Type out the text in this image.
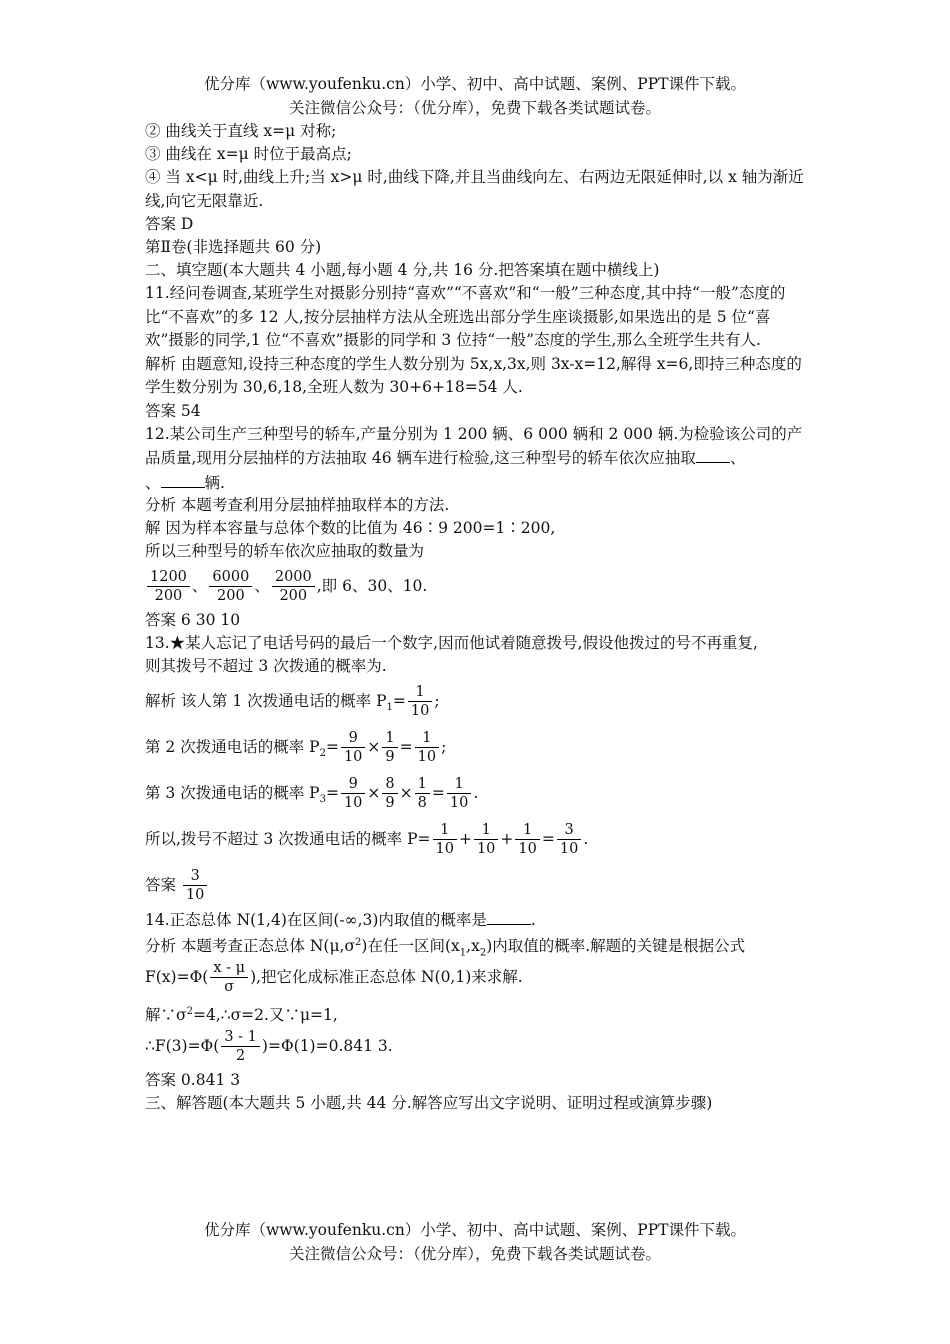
优分库（www.youfenku.cn）小学、初中、高中试题、案例、PPT课件下载。
关注微信公众号：（优分库），免费下载各类试题试卷。
② 曲线关于直线 x=μ 对称;
③ 曲线在 x=μ 时位于最高点;
④ 当 x<μ 时,曲线上升;当 x>μ 时,曲线下降,并且当曲线向左、右两边无限延伸时,以 x 轴为渐近线,向它无限靠近.
答案 D
第Ⅱ卷(非选择题共 60 分)
二、填空题(本大题共 4 小题,每小题 4 分,共 16 分.把答案填在题中横线上)
11.经问卷调查,某班学生对摄影分别持“喜欢”“不喜欢”和“一般”三种态度,其中持“一般”态度的比“不喜欢”的多 12 人,按分层抽样方法从全班选出部分学生座谈摄影,如果选出的是 5 位“喜欢”摄影的同学,1 位“不喜欢”摄影的同学和 3 位持“一般”态度的学生,那么全班学生共有人.
解析 由题意知,设持三种态度的学生人数分别为 5x,x,3x,则 3x-x=12,解得 x=6,即持三种态度的学生数分别为 30,6,18,全班人数为 30+6+18=54 人.
答案 54
12.某公司生产三种型号的轿车,产量分别为 1 200 辆、6 000 辆和 2 000 辆.为检验该公司的产品质量,现用分层抽样的方法抽取 46 辆车进行检验,这三种型号的轿车依次应抽取 、
、	辆.
分析 本题考查利用分层抽样抽取样本的方法.
解 因为样本容量与总体个数的比值为 46∶9 200=1∶200,
所以三种型号的轿车依次应抽取的数量为
$\frac{1200}{200}$ 、 $\frac{6000}{200}$ 、 $\frac{2000}{200}$ ,即 6、30、10.
答案 6 30 10
13.★某人忘记了电话号码的最后一个数字,因而他试着随意拨号,假设他拨过的号不再重复,
则其拨号不超过 3 次拨通的概率为.
解析 该人第 1 次拨通电话的概率 $P_1= \frac{1}{10}$ ;
第 2 次拨通电话的概率 $P_2= \frac{9}{10} \times \frac{1}{9} = \frac{1}{10}$ ;
第 3 次拨通电话的概率 $P_3= \frac{9}{10} \times \frac{8}{9} \times \frac{1}{8} = \frac{1}{10}$ .
所以,拨号不超过 3 次拨通电话的概率 $P= \frac{1}{10} + \frac{1}{10} + \frac{1}{10} = \frac{3}{10}$ .
答案 $\frac{3}{10}$
14.正态总体 N(1,4)在区间(-∞,3)内取值的概率是	.
分析 本题考查正态总体 $N(\mu,\sigma^2)$在任一区间$(x_1,x_2)$内取值的概率.解题的关键是根据公式
$F(x)=\Phi( \frac{x - \mu}{\sigma}$ ),把它化成标准正态总体 N(0,1)来求解.
解$\because\sigma^2=4,\therefore\sigma=2$.又∵μ=1,
∴F(3)=Φ( $\frac{3 - 1}{2} )=\Phi(1)=0.841$ 3.
答案 0.841 3
三、解答题(本大题共 5 小题,共 44 分.解答应写出文字说明、证明过程或演算步骤)
优分库（www.youfenku.cn）小学、初中、高中试题、案例、PPT课件下载。
关注微信公众号：（优分库），免费下载各类试题试卷。
